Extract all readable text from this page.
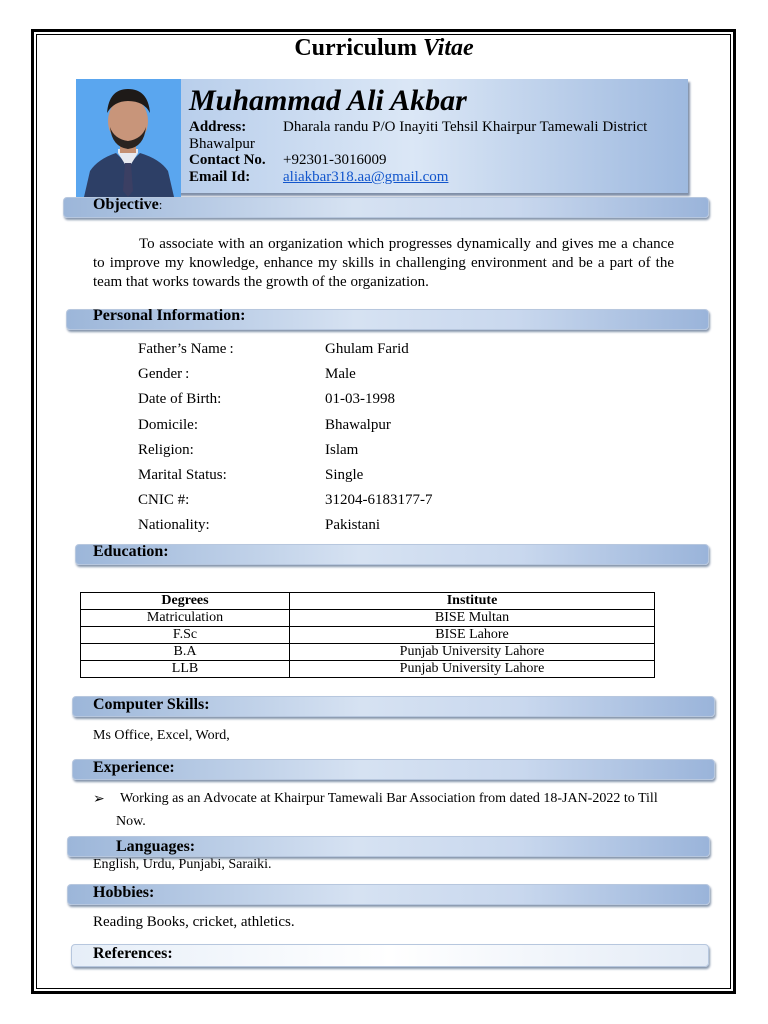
Curriculum Vitae
Muhammad Ali Akbar
Address: Dharala randu P/O Inayiti Tehsil Khairpur Tamewali District
Bhawalpur
Contact No. +92301-3016009
Email Id: aliakbar318.aa@gmail.com
Objective:
To associate with an organization which progresses dynamically and gives me a chance to improve my knowledge, enhance my skills in challenging environment and be a part of the team that works towards the growth of the organization.
Personal Information:
Father’s Name :	Ghulam Farid
Gender :	Male
Date of Birth:	01-03-1998
Domicile:	Bhawalpur
Religion:	Islam
Marital Status:	Single
CNIC #:	31204-6183177-7
Nationality:	Pakistani
Education:
Degrees	Institute
Matriculation	BISE Multan
F.Sc	BISE Lahore
B.A	Punjab University Lahore
LLB	Punjab University Lahore
Computer Skills:
Ms Office, Excel, Word,
Experience:
➢ Working as an Advocate at Khairpur Tamewali Bar Association from dated 18-JAN-2022 to Till
Now.
Languages:
English, Urdu, Punjabi, Saraiki.
Hobbies:
Reading Books, cricket, athletics.
References:
